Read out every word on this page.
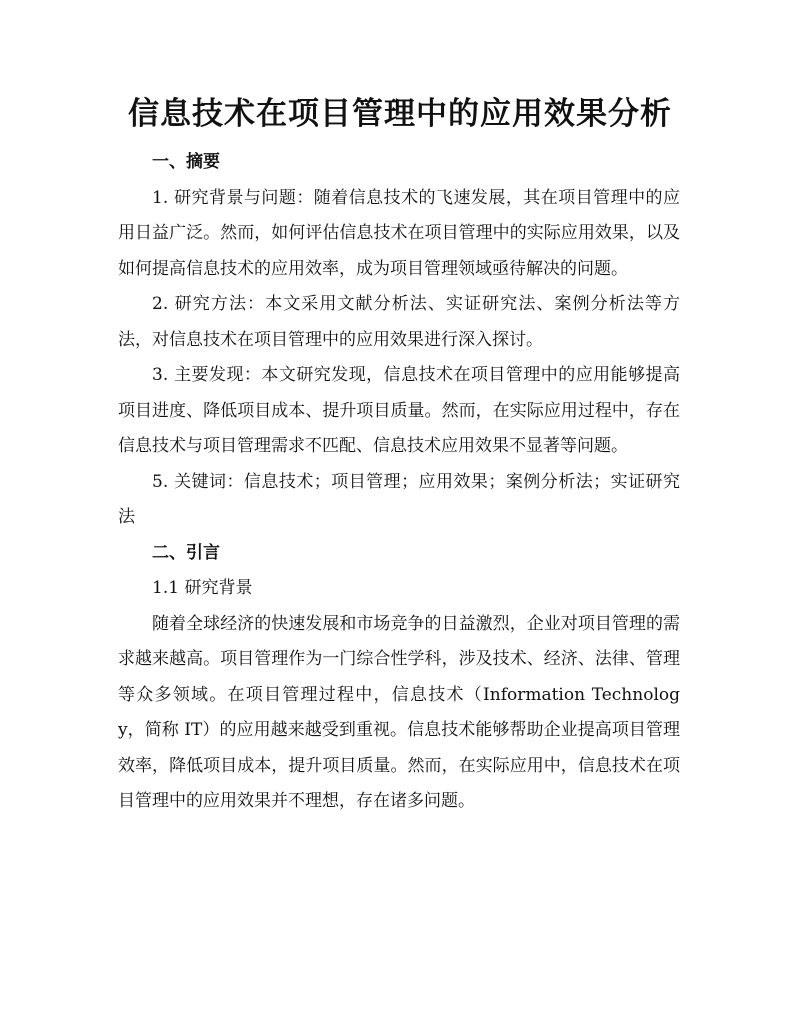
信息技术在项目管理中的应用效果分析

一、摘要

1. 研究背景与问题：随着信息技术的飞速发展，其在项目管理中的应用日益广泛。然而，如何评估信息技术在项目管理中的实际应用效果，以及如何提高信息技术的应用效率，成为项目管理领域亟待解决的问题。

2. 研究方法：本文采用文献分析法、实证研究法、案例分析法等方法，对信息技术在项目管理中的应用效果进行深入探讨。

3. 主要发现：本文研究发现，信息技术在项目管理中的应用能够提高项目进度、降低项目成本、提升项目质量。然而，在实际应用过程中，存在信息技术与项目管理需求不匹配、信息技术应用效果不显著等问题。

5. 关键词：信息技术；项目管理；应用效果；案例分析法；实证研究法

二、引言

1.1 研究背景

随着全球经济的快速发展和市场竞争的日益激烈，企业对项目管理的需求越来越高。项目管理作为一门综合性学科，涉及技术、经济、法律、管理等众多领域。在项目管理过程中，信息技术（Information Technology，简称 IT）的应用越来越受到重视。信息技术能够帮助企业提高项目管理效率，降低项目成本，提升项目质量。然而，在实际应用中，信息技术在项目管理中的应用效果并不理想，存在诸多问题。
